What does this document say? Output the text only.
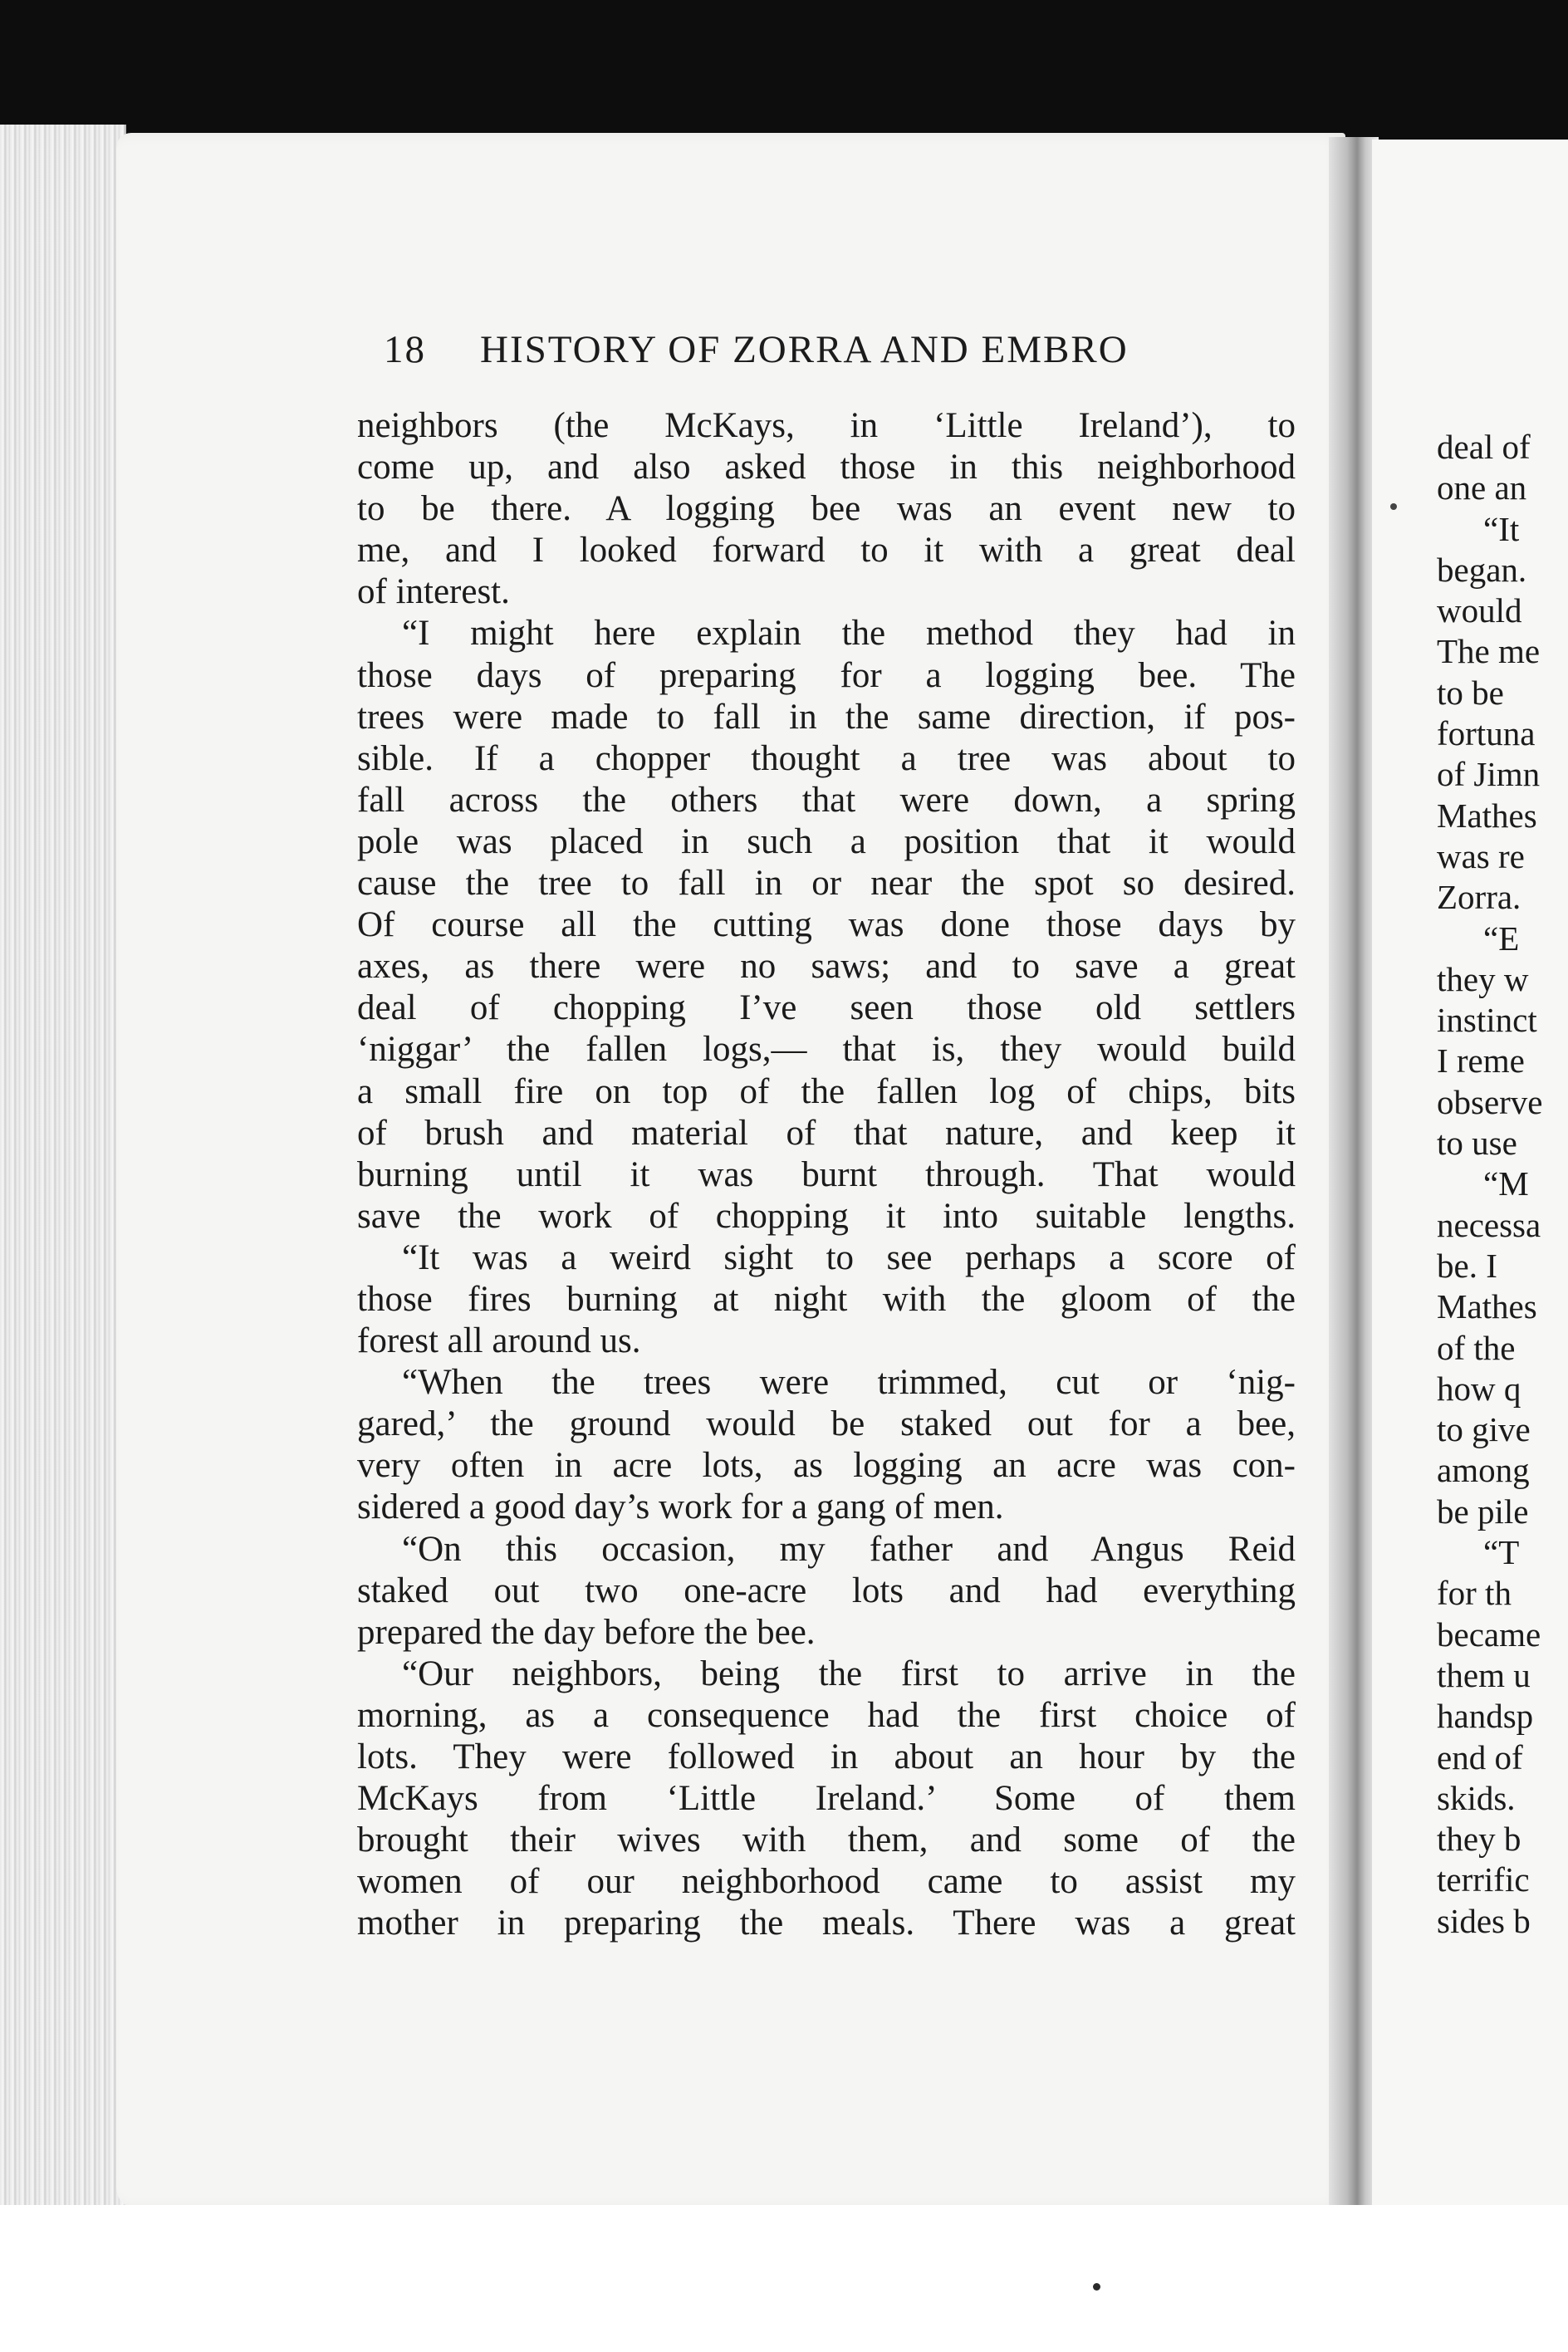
18 HISTORY OF ZORRA AND EMBRO
neighbors (the McKays, in ‘Little Ireland’), to
come up, and also asked those in this neighborhood
to be there. A logging bee was an event new to
me, and I looked forward to it with a great deal
of interest.
“I might here explain the method they had in
those days of preparing for a logging bee. The
trees were made to fall in the same direction, if pos-
sible. If a chopper thought a tree was about to
fall across the others that were down, a spring
pole was placed in such a position that it would
cause the tree to fall in or near the spot so desired.
Of course all the cutting was done those days by
axes, as there were no saws; and to save a great
deal of chopping I’ve seen those old settlers
‘niggar’ the fallen logs,— that is, they would build
a small fire on top of the fallen log of chips, bits
of brush and material of that nature, and keep it
burning until it was burnt through. That would
save the work of chopping it into suitable lengths.
“It was a weird sight to see perhaps a score of
those fires burning at night with the gloom of the
forest all around us.
“When the trees were trimmed, cut or ‘nig-
gared,’ the ground would be staked out for a bee,
very often in acre lots, as logging an acre was con-
sidered a good day’s work for a gang of men.
“On this occasion, my father and Angus Reid
staked out two one-acre lots and had everything
prepared the day before the bee.
“Our neighbors, being the first to arrive in the
morning, as a consequence had the first choice of
lots. They were followed in about an hour by the
McKays from ‘Little Ireland.’ Some of them
brought their wives with them, and some of the
women of our neighborhood came to assist my
mother in preparing the meals. There was a great
deal of
one an
“It
began.
would
The me
to be
fortuna
of Jimn
Mathes
was re
Zorra.
“E
they w
instinct
I reme
observe
to use
“M
necessa
be. I
Mathes
of the
how q
to give
among
be pile
“T
for th
became
them u
handsp
end of
skids.
they b
terrific
sides b
